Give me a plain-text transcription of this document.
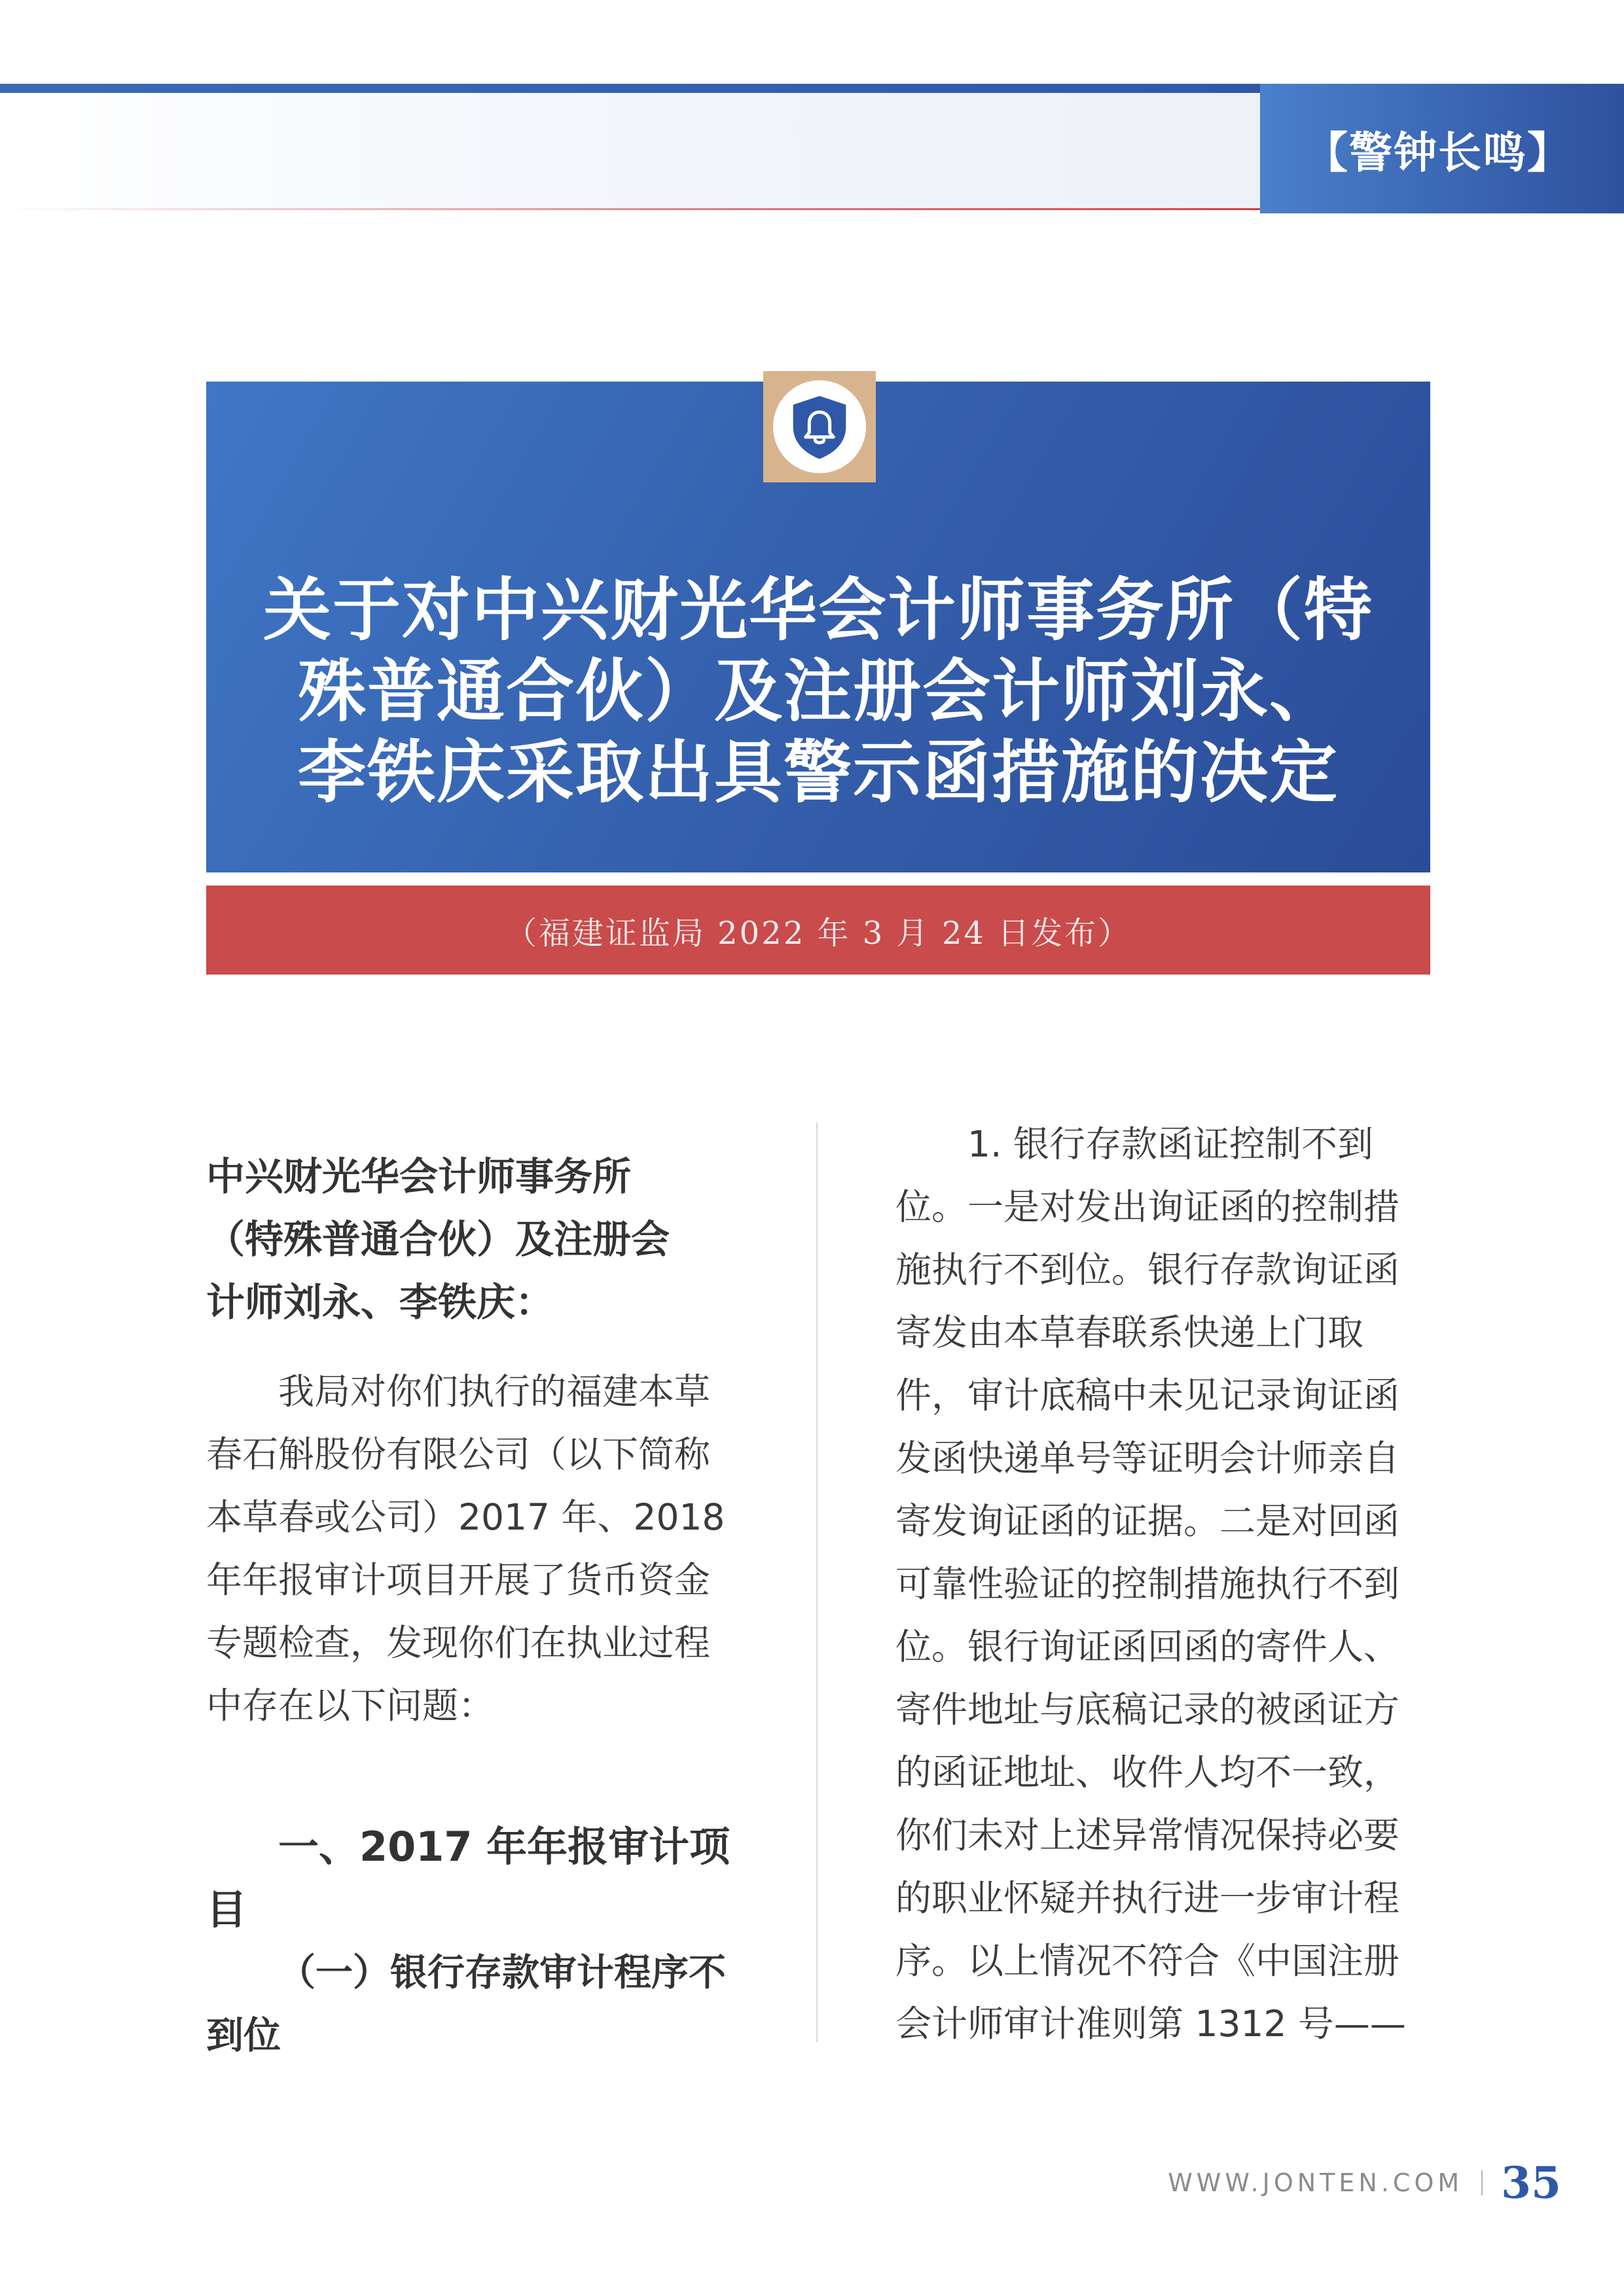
【警钟长鸣】
关于对中兴财光华会计师事务所（特
殊普通合伙）及注册会计师刘永、
李铁庆采取出具警示函措施的决定
（福建证监局 2022 年 3 月 24 日发布）

中兴财光华会计师事务所
（特殊普通合伙）及注册会
计师刘永、李铁庆：

我局对你们执行的福建本草
春石斛股份有限公司（以下简称
本草春或公司）2017 年、2018
年年报审计项目开展了货币资金
专题检查，发现你们在执业过程
中存在以下问题：

一、2017 年年报审计项
目

（一）银行存款审计程序不
到位

1. 银行存款函证控制不到
位。一是对发出询证函的控制措
施执行不到位。银行存款询证函
寄发由本草春联系快递上门取
件，审计底稿中未见记录询证函
发函快递单号等证明会计师亲自
寄发询证函的证据。二是对回函
可靠性验证的控制措施执行不到
位。银行询证函回函的寄件人、
寄件地址与底稿记录的被函证方
的函证地址、收件人均不一致，
你们未对上述异常情况保持必要
的职业怀疑并执行进一步审计程
序。以上情况不符合《中国注册
会计师审计准则第 1312 号——

WWW.JONTEN.COM 35
